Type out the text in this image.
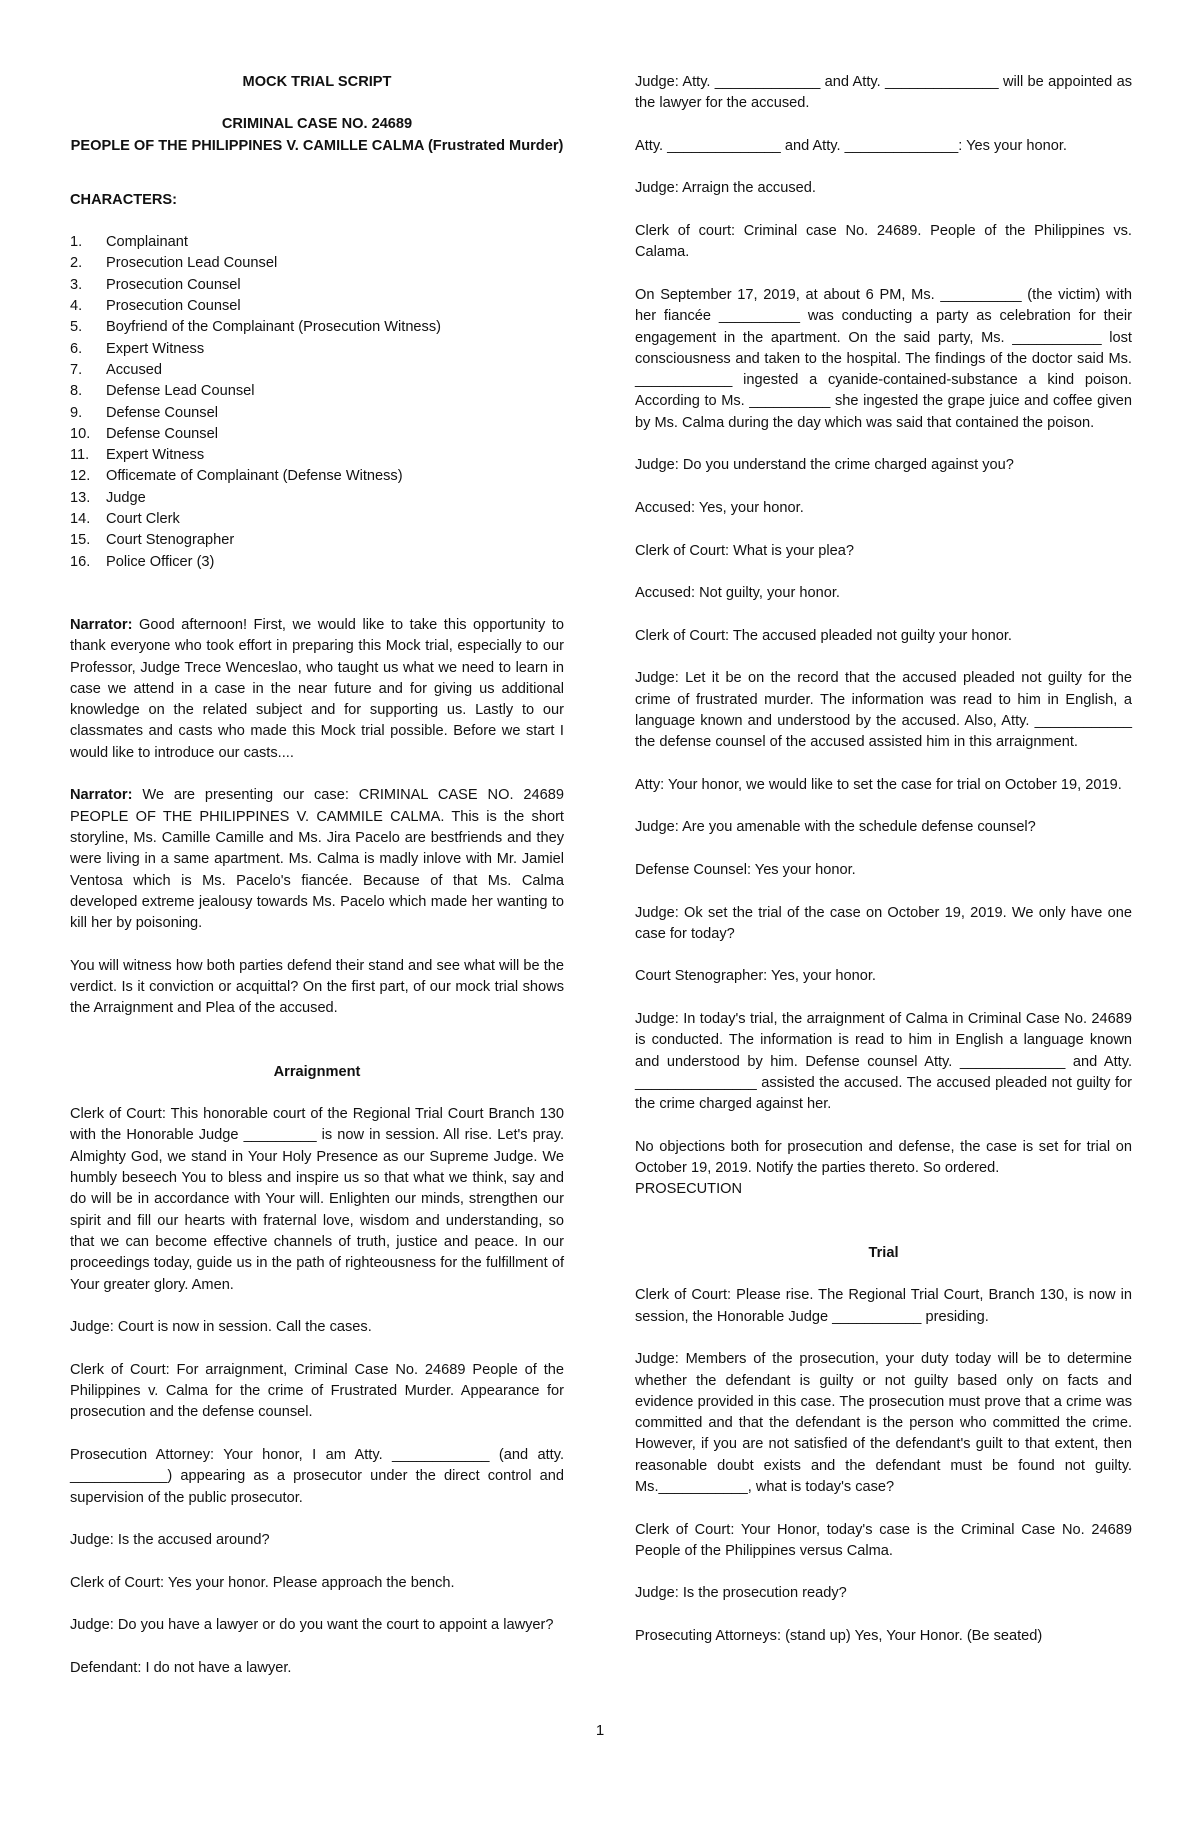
MOCK TRIAL SCRIPT
CRIMINAL CASE NO. 24689
PEOPLE OF THE PHILIPPINES V. CAMILLE CALMA (Frustrated Murder)
CHARACTERS:
1.	Complainant
2.	Prosecution Lead Counsel
3.	Prosecution Counsel
4.	Prosecution Counsel
5.	Boyfriend of the Complainant (Prosecution Witness)
6.	Expert Witness
7.	Accused
8.	Defense Lead Counsel
9.	Defense Counsel
10.	Defense Counsel
11.	Expert Witness
12.	Officemate of Complainant (Defense Witness)
13.	Judge
14.	Court Clerk
15.	Court Stenographer
16.	Police Officer (3)

Narrator: Good afternoon! First, we would like to take this opportunity to thank everyone who took effort in preparing this Mock trial, especially to our Professor, Judge Trece Wenceslao, who taught us what we need to learn in case we attend in a case in the near future and for giving us additional knowledge on the related subject and for supporting us. Lastly to our classmates and casts who made this Mock trial possible. Before we start I would like to introduce our casts....

Narrator: We are presenting our case: CRIMINAL CASE NO. 24689 PEOPLE OF THE PHILIPPINES V. CAMMILE CALMA. This is the short storyline, Ms. Camille Camille and Ms. Jira Pacelo are bestfriends and they were living in a same apartment. Ms. Calma is madly inlove with Mr. Jamiel Ventosa which is Ms. Pacelo's fiancée. Because of that Ms. Calma developed extreme jealousy towards Ms. Pacelo which made her wanting to kill her by poisoning.

You will witness how both parties defend their stand and see what will be the verdict. Is it conviction or acquittal? On the first part, of our mock trial shows the Arraignment and Plea of the accused.

Arraignment

Clerk of Court: This honorable court of the Regional Trial Court Branch 130 with the Honorable Judge _________ is now in session. All rise. Let's pray. Almighty God, we stand in Your Holy Presence as our Supreme Judge. We humbly beseech You to bless and inspire us so that what we think, say and do will be in accordance with Your will. Enlighten our minds, strengthen our spirit and fill our hearts with fraternal love, wisdom and understanding, so that we can become effective channels of truth, justice and peace. In our proceedings today, guide us in the path of righteousness for the fulfillment of Your greater glory. Amen.

Judge: Court is now in session. Call the cases.

Clerk of Court: For arraignment, Criminal Case No. 24689 People of the Philippines v. Calma for the crime of Frustrated Murder. Appearance for prosecution and the defense counsel.

Prosecution Attorney: Your honor, I am Atty. ____________ (and atty. ____________) appearing as a prosecutor under the direct control and supervision of the public prosecutor.

Judge: Is the accused around?

Clerk of Court: Yes your honor. Please approach the bench.

Judge: Do you have a lawyer or do you want the court to appoint a lawyer?

Defendant: I do not have a lawyer.

Judge: Atty. _____________ and Atty. ______________ will be appointed as the lawyer for the accused.

Atty. ______________ and Atty. ______________: Yes your honor.

Judge: Arraign the accused.

Clerk of court: Criminal case No. 24689. People of the Philippines vs. Calama.

On September 17, 2019, at about 6 PM, Ms. __________ (the victim) with her fiancée __________ was conducting a party as celebration for their engagement in the apartment. On the said party, Ms. ___________ lost consciousness and taken to the hospital. The findings of the doctor said Ms. ____________ ingested a cyanide-contained-substance a kind poison. According to Ms. __________ she ingested the grape juice and coffee given by Ms. Calma during the day which was said that contained the poison.

Judge: Do you understand the crime charged against you?

Accused: Yes, your honor.

Clerk of Court: What is your plea?

Accused: Not guilty, your honor.

Clerk of Court: The accused pleaded not guilty your honor.

Judge: Let it be on the record that the accused pleaded not guilty for the crime of frustrated murder. The information was read to him in English, a language known and understood by the accused. Also, Atty. ____________ the defense counsel of the accused assisted him in this arraignment.

Atty: Your honor, we would like to set the case for trial on October 19, 2019.

Judge: Are you amenable with the schedule defense counsel?

Defense Counsel: Yes your honor.

Judge: Ok set the trial of the case on October 19, 2019. We only have one case for today?

Court Stenographer: Yes, your honor.

Judge: In today's trial, the arraignment of Calma in Criminal Case No. 24689 is conducted. The information is read to him in English a language known and understood by him. Defense counsel Atty. _____________ and Atty. _______________ assisted the accused. The accused pleaded not guilty for the crime charged against her.

No objections both for prosecution and defense, the case is set for trial on October 19, 2019. Notify the parties thereto. So ordered.

PROSECUTION
Trial

Clerk of Court: Please rise. The Regional Trial Court, Branch 130, is now in session, the Honorable Judge ___________ presiding.

Judge: Members of the prosecution, your duty today will be to determine whether the defendant is guilty or not guilty based only on facts and evidence provided in this case. The prosecution must prove that a crime was committed and that the defendant is the person who committed the crime. However, if you are not satisfied of the defendant's guilt to that extent, then reasonable doubt exists and the defendant must be found not guilty. Ms.___________, what is today's case?

Clerk of Court: Your Honor, today's case is the Criminal Case No. 24689 People of the Philippines versus Calma.

Judge: Is the prosecution ready?

Prosecuting Attorneys: (stand up) Yes, Your Honor. (Be seated)

1
